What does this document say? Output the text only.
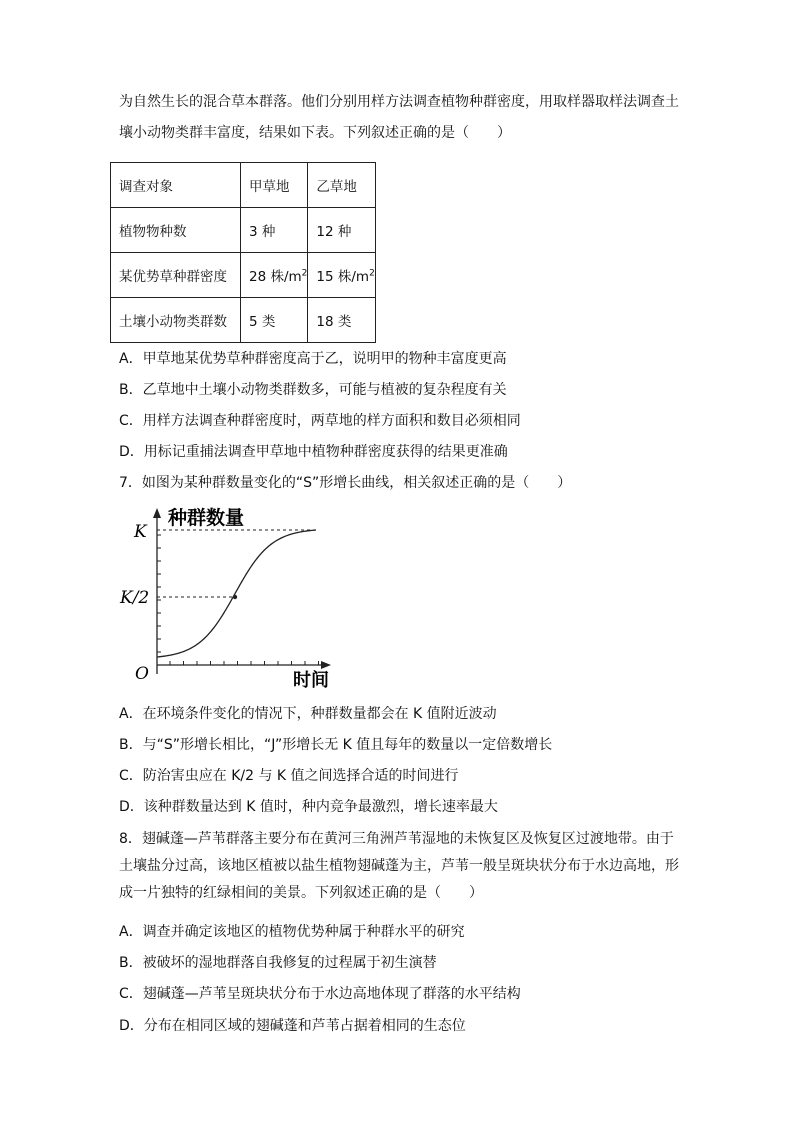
为自然生长的混合草本群落。他们分别用样方法调查植物种群密度，用取样器取样法调查土
壤小动物类群丰富度，结果如下表。下列叙述正确的是（　　）
调查对象	甲草地	乙草地
植物物种数	3 种	12 种
某优势草种群密度	28 株$/m^2$	15 株$/m^2$
土壤小动物类群数	5 类	18 类
A．甲草地某优势草种群密度高于乙，说明甲的物种丰富度更高
B．乙草地中土壤小动物类群数多，可能与植被的复杂程度有关
C．用样方法调查种群密度时，两草地的样方面积和数目必须相同
D．用标记重捕法调查甲草地中植物种群密度获得的结果更准确
7．如图为某种群数量变化的“S”形增长曲线，相关叙述正确的是（　　）
种群数量
时间
K
K/2
O
A．在环境条件变化的情况下，种群数量都会在 K 值附近波动
B．与“S”形增长相比，“J”形增长无 K 值且每年的数量以一定倍数增长
C．防治害虫应在 K/2 与 K 值之间选择合适的时间进行
D．该种群数量达到 K 值时，种内竞争最激烈，增长速率最大
8．翅碱蓬—芦苇群落主要分布在黄河三角洲芦苇湿地的未恢复区及恢复区过渡地带。由于
土壤盐分过高，该地区植被以盐生植物翅碱蓬为主，芦苇一般呈斑块状分布于水边高地，形
成一片独特的红绿相间的美景。下列叙述正确的是（　　）
A．调查并确定该地区的植物优势种属于种群水平的研究
B．被破坏的湿地群落自我修复的过程属于初生演替
C．翅碱蓬—芦苇呈斑块状分布于水边高地体现了群落的水平结构
D．分布在相同区域的翅碱蓬和芦苇占据着相同的生态位
